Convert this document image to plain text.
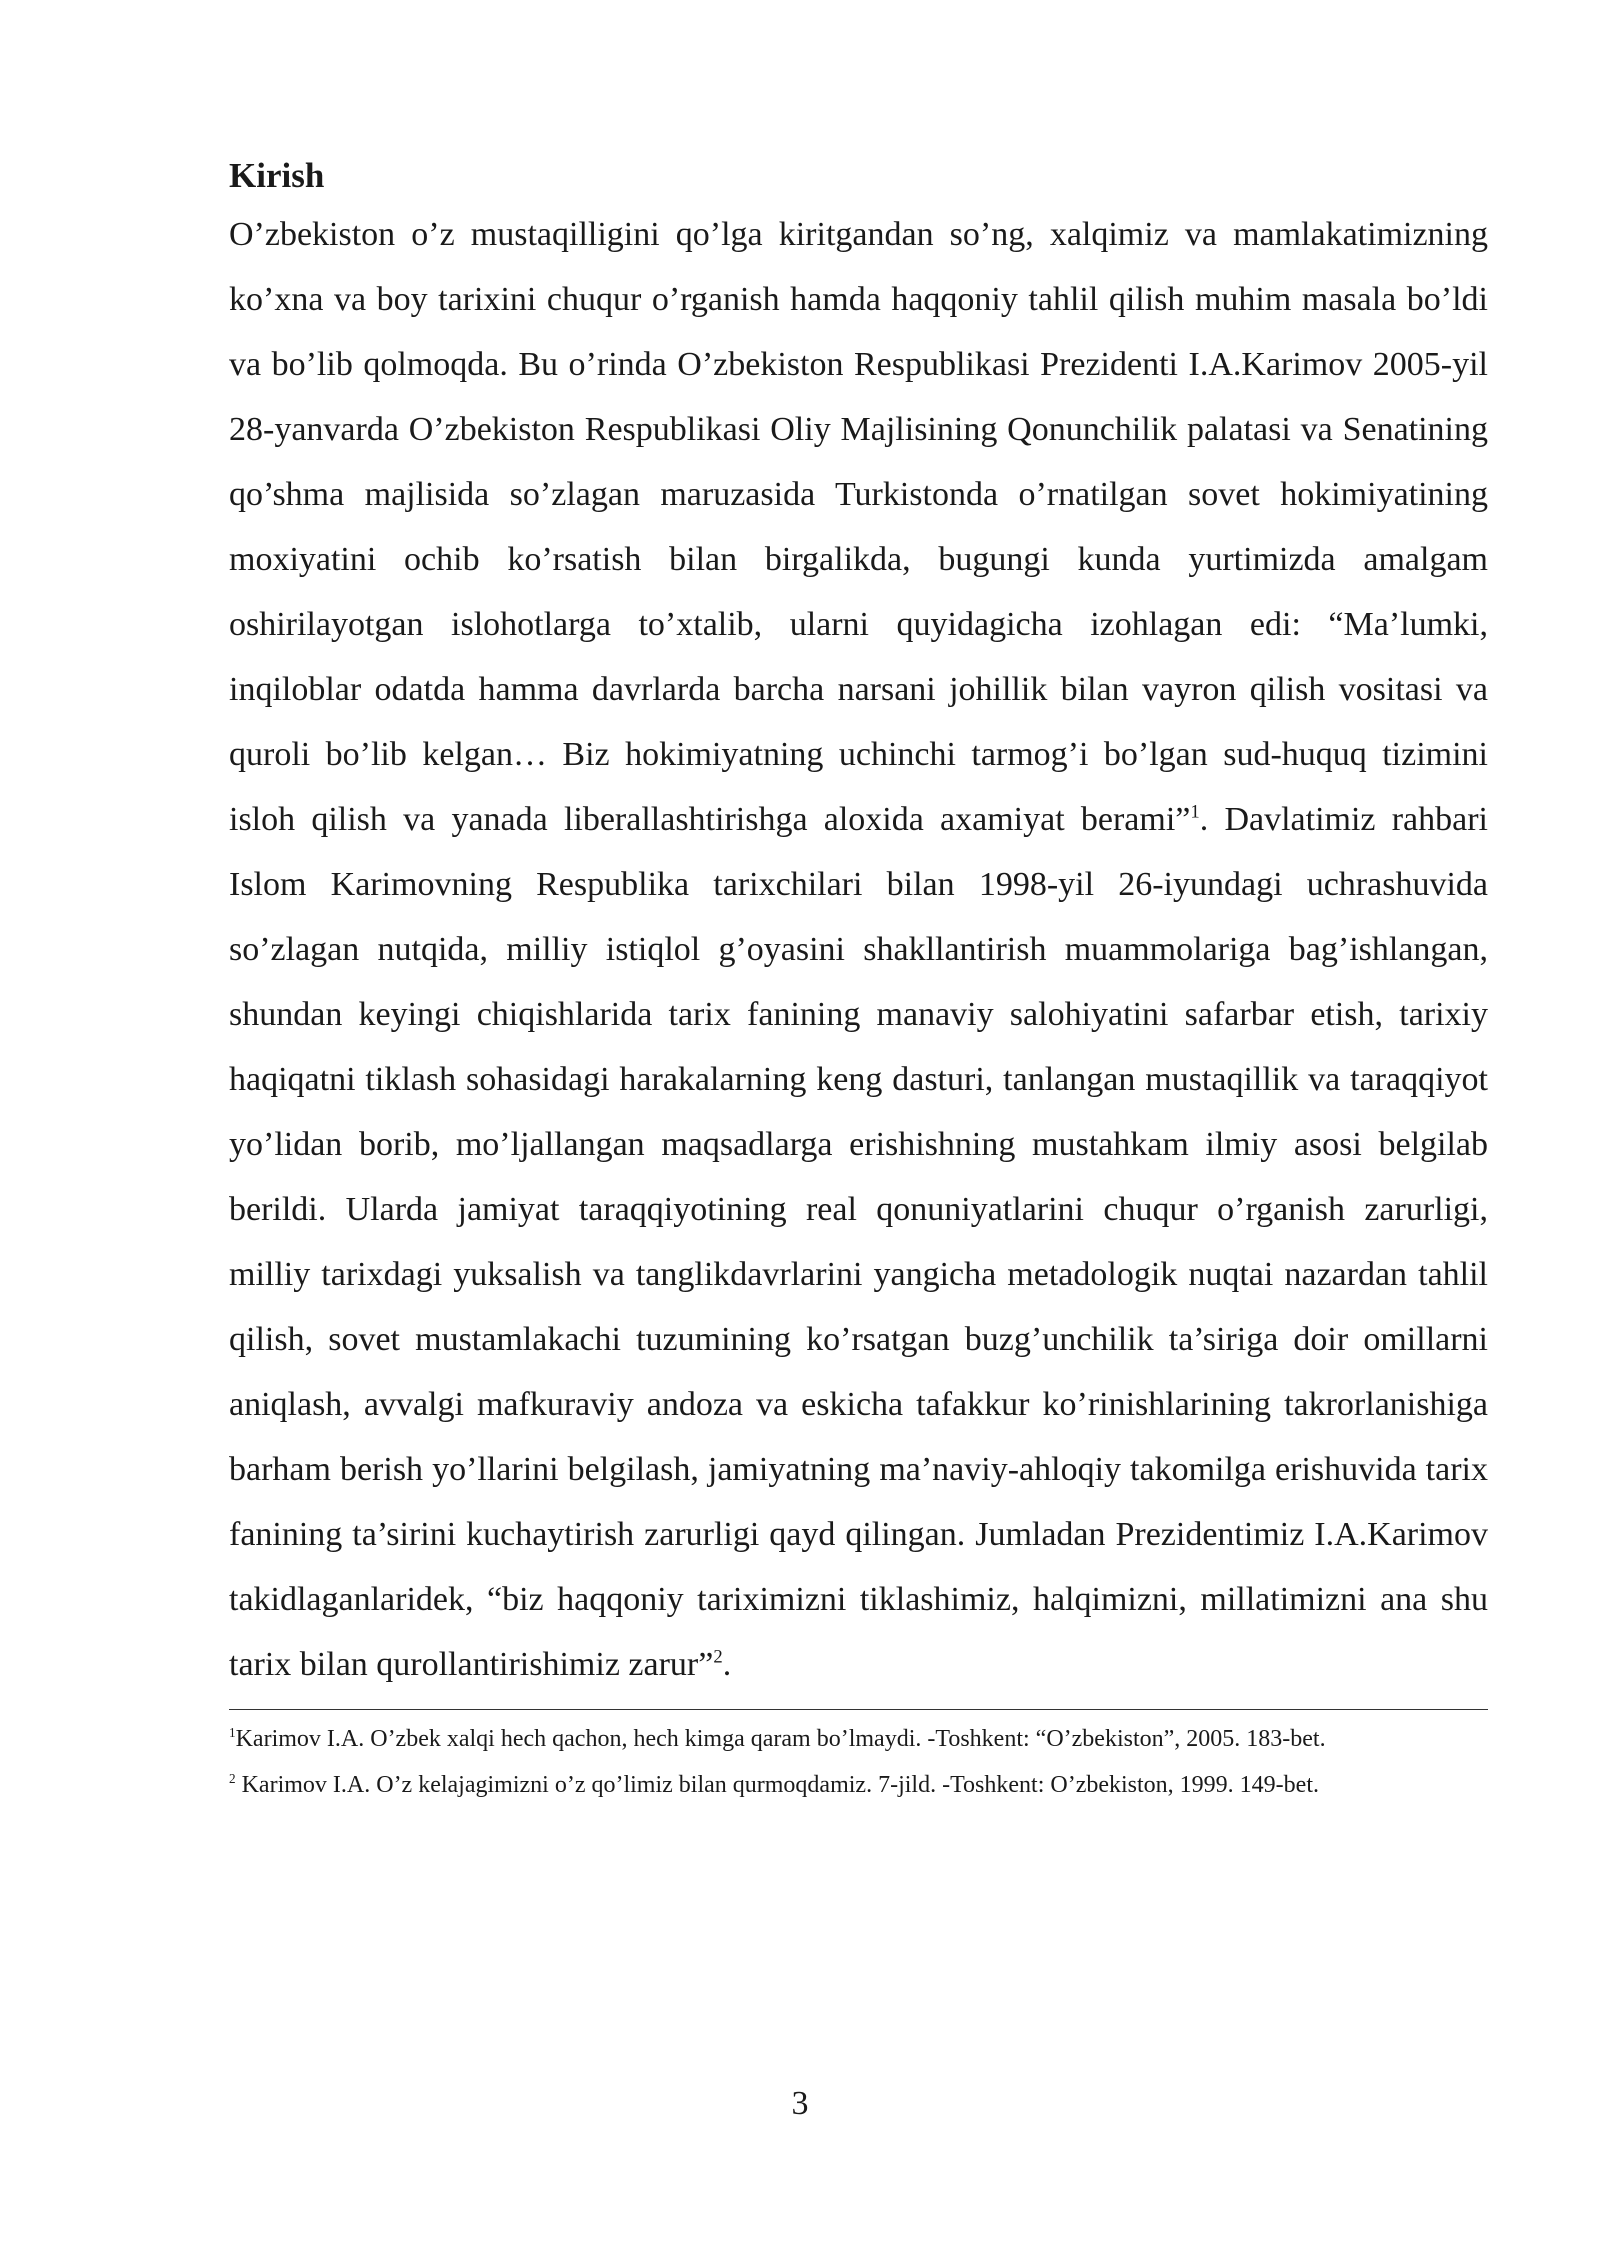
Kirish

O’zbekiston o’z mustaqilligini qo’lga kiritgandan so’ng, xalqimiz va mamlakatimizning ko’xna va boy tarixini chuqur o’rganish hamda haqqoniy tahlil qilish muhim masala bo’ldi va bo’lib qolmoqda. Bu o’rinda O’zbekiston Respublikasi Prezidenti I.A.Karimov 2005-yil 28-yanvarda O’zbekiston Respublikasi Oliy Majlisining Qonunchilik palatasi va Senatining qo’shma majlisida so’zlagan maruzasida Turkistonda o’rnatilgan sovet hokimiyatining moxiyatini ochib ko’rsatish bilan birgalikda, bugungi kunda yurtimizda amalgam oshirilayotgan islohotlarga to’xtalib, ularni quyidagicha izohlagan edi: “Ma’lumki, inqiloblar odatda hamma davrlarda barcha narsani johillik bilan vayron qilish vositasi va quroli bo’lib kelgan… Biz hokimiyatning uchinchi tarmog’i bo’lgan sud-huquq tizimini isloh qilish va yanada liberallashtirishga aloxida axamiyat berami”$^1$. Davlatimiz rahbari Islom Karimovning Respublika tarixchilari bilan 1998-yil 26-iyundagi uchrashuvida so’zlagan nutqida, milliy istiqlol g’oyasini shakllantirish muammolariga bag’ishlangan, shundan keyingi chiqishlarida tarix fanining manaviy salohiyatini safarbar etish, tarixiy haqiqatni tiklash sohasidagi harakalarning keng dasturi, tanlangan mustaqillik va taraqqiyot yo’lidan borib, mo’ljallangan maqsadlarga erishishning mustahkam ilmiy asosi belgilab berildi. Ularda jamiyat taraqqiyotining real qonuniyatlarini chuqur o’rganish zarurligi, milliy tarixdagi yuksalish va tanglikdavrlarini yangicha metadologik nuqtai nazardan tahlil qilish, sovet mustamlakachi tuzumining ko’rsatgan buzg’unchilik ta’siriga doir omillarni aniqlash, avvalgi mafkuraviy andoza va eskicha tafakkur ko’rinishlarining takrorlanishiga barham berish yo’llarini belgilash, jamiyatning ma’naviy-ahloqiy takomilga erishuvida tarix fanining ta’sirini kuchaytirish zarurligi qayd qilingan. Jumladan Prezidentimiz I.A.Karimov takidlaganlaridek, “biz haqqoniy tariximizni tiklashimiz, halqimizni, millatimizni ana shu tarix bilan qurollantirishimiz zarur”$^2$.

$^1$Karimov I.A. O’zbek xalqi hech qachon, hech kimga qaram bo’lmaydi. -Toshkent: “O’zbekiston”, 2005. 183-bet.

$^2$ Karimov I.A. O’z kelajagimizni o’z qo’limiz bilan qurmoqdamiz. 7-jild. -Toshkent: O’zbekiston, 1999. 149-bet.

3
